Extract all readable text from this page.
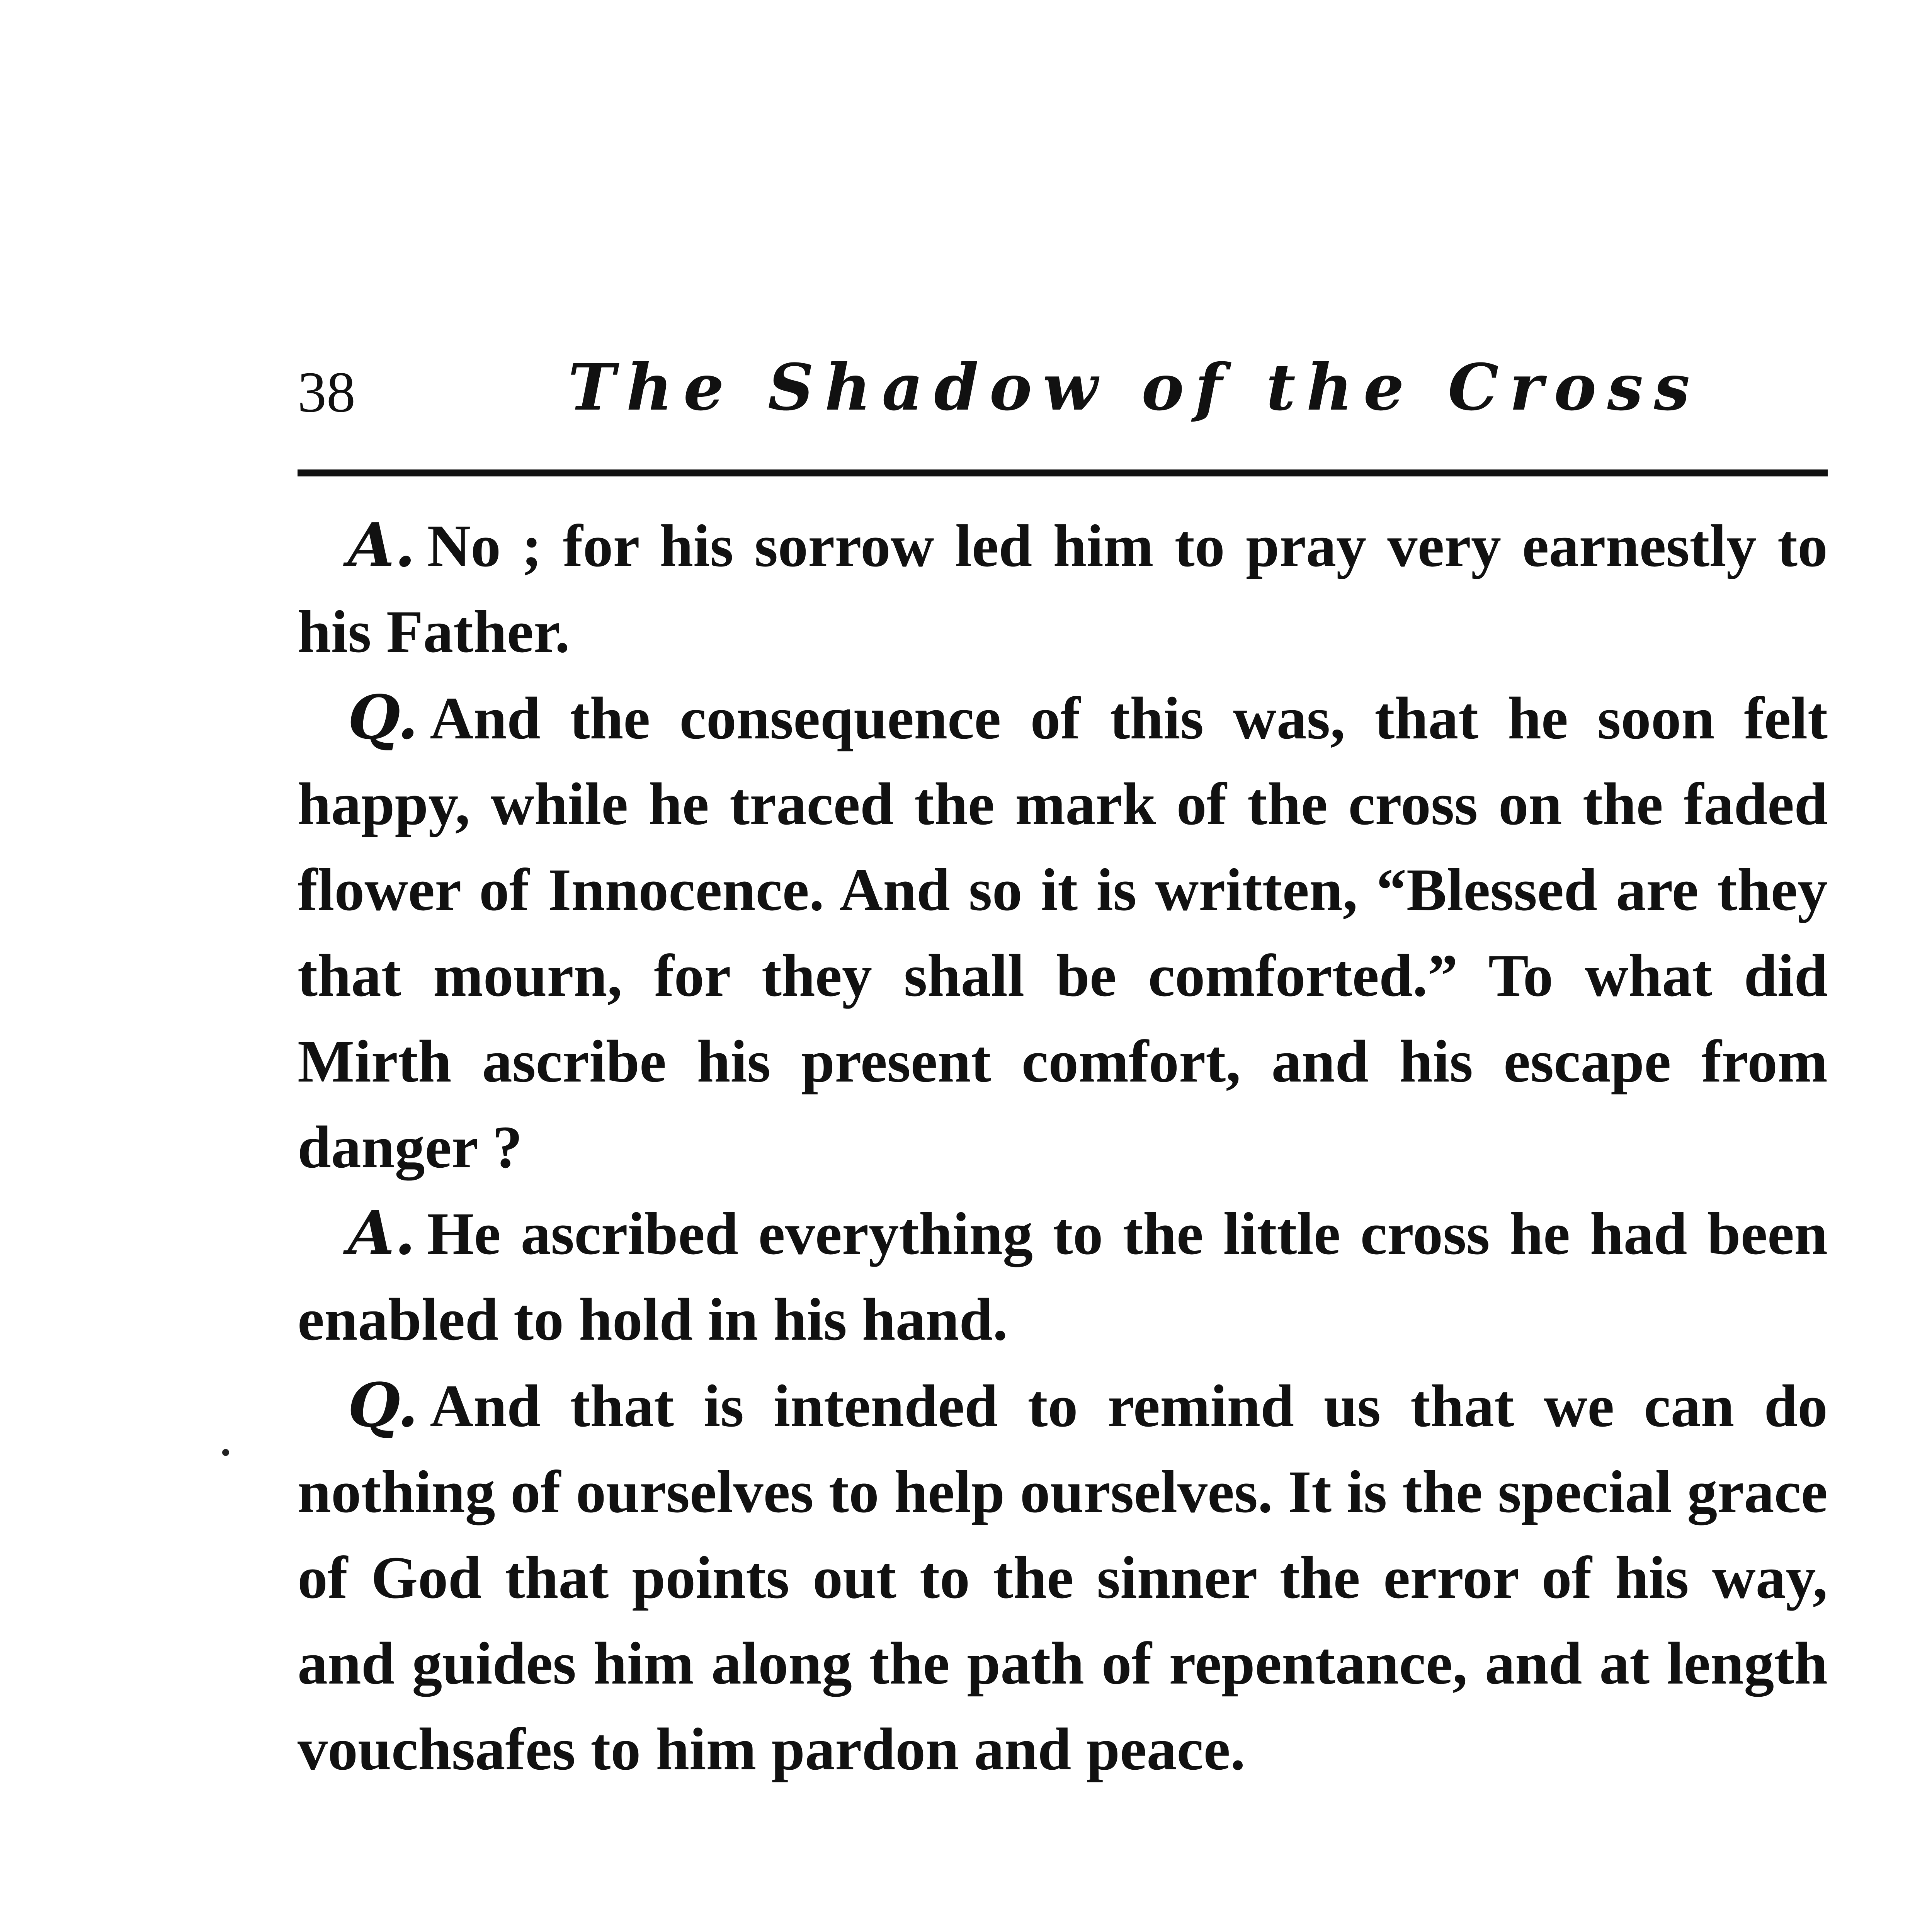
38	The Shadow of the Cross

A. No ; for his sorrow led him to pray very earnestly to his Father.

Q. And the consequence of this was, that he soon felt happy, while he traced the mark of the cross on the faded flower of Innocence. And so it is written, “Blessed are they that mourn, for they shall be comforted.” To what did Mirth ascribe his present comfort, and his escape from danger ?

A. He ascribed everything to the little cross he had been enabled to hold in his hand.

Q. And that is intended to remind us that we can do nothing of ourselves to help ourselves. It is the special grace of God that points out to the sinner the error of his way, and guides him along the path of repentance, and at length vouchsafes to him pardon and peace.
